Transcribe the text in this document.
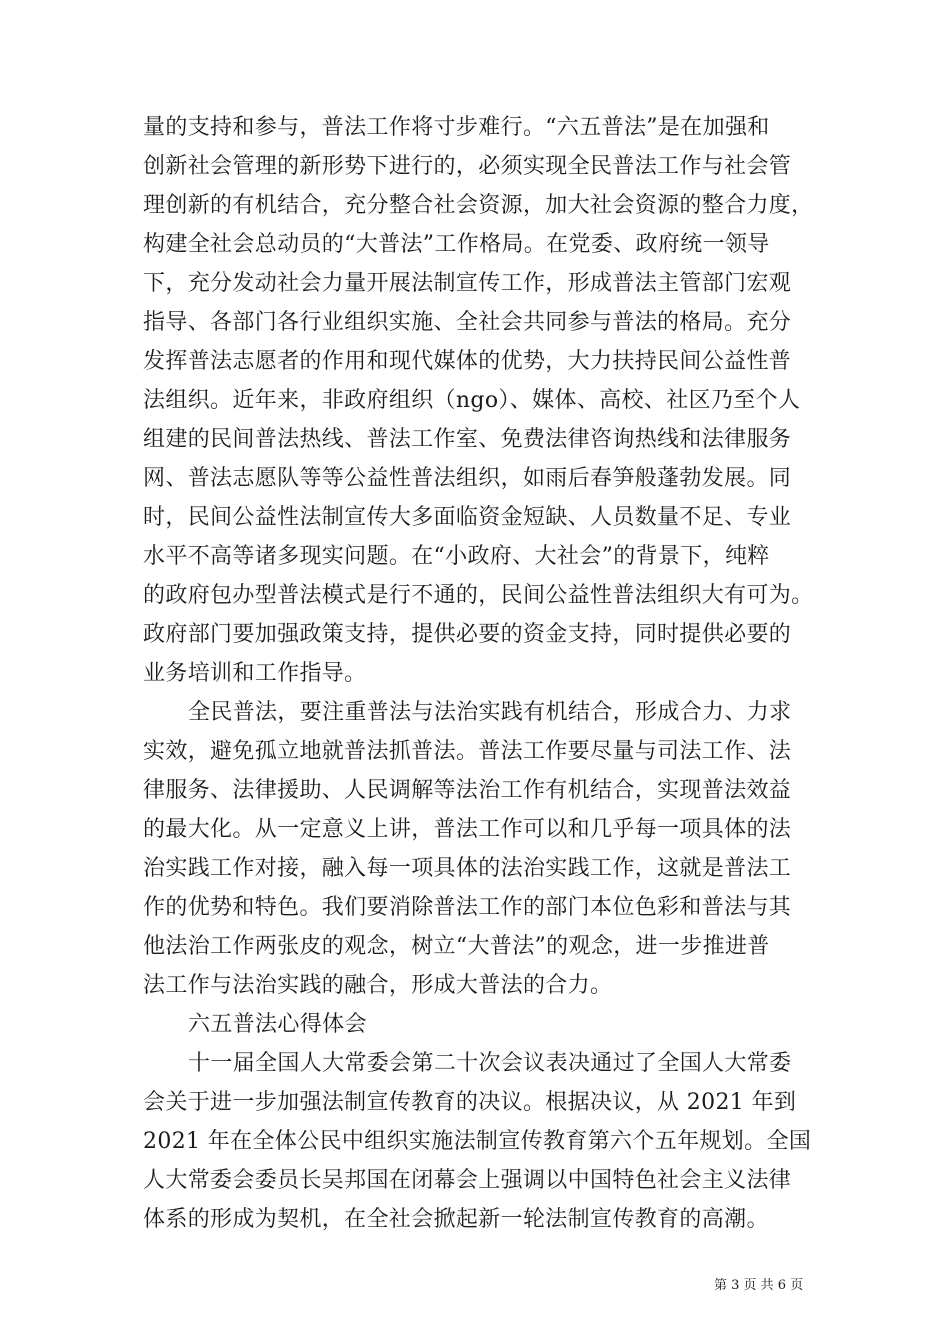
量的支持和参与，普法工作将寸步难行。“六五普法”是在加强和
创新社会管理的新形势下进行的，必须实现全民普法工作与社会管
理创新的有机结合，充分整合社会资源，加大社会资源的整合力度，
构建全社会总动员的“大普法”工作格局。在党委、政府统一领导
下，充分发动社会力量开展法制宣传工作，形成普法主管部门宏观
指导、各部门各行业组织实施、全社会共同参与普法的格局。充分
发挥普法志愿者的作用和现代媒体的优势，大力扶持民间公益性普
法组织。近年来，非政府组织（ngo）、媒体、高校、社区乃至个人
组建的民间普法热线、普法工作室、免费法律咨询热线和法律服务
网、普法志愿队等等公益性普法组织，如雨后春笋般蓬勃发展。同
时，民间公益性法制宣传大多面临资金短缺、人员数量不足、专业
水平不高等诸多现实问题。在“小政府、大社会”的背景下，纯粹
的政府包办型普法模式是行不通的，民间公益性普法组织大有可为。
政府部门要加强政策支持，提供必要的资金支持，同时提供必要的
业务培训和工作指导。
全民普法，要注重普法与法治实践有机结合，形成合力、力求
实效，避免孤立地就普法抓普法。普法工作要尽量与司法工作、法
律服务、法律援助、人民调解等法治工作有机结合，实现普法效益
的最大化。从一定意义上讲，普法工作可以和几乎每一项具体的法
治实践工作对接，融入每一项具体的法治实践工作，这就是普法工
作的优势和特色。我们要消除普法工作的部门本位色彩和普法与其
他法治工作两张皮的观念，树立“大普法”的观念，进一步推进普
法工作与法治实践的融合，形成大普法的合力。
六五普法心得体会
十一届全国人大常委会第二十次会议表决通过了全国人大常委
会关于进一步加强法制宣传教育的决议。根据决议，从 2021 年到
2021 年在全体公民中组织实施法制宣传教育第六个五年规划。全国
人大常委会委员长吴邦国在闭幕会上强调以中国特色社会主义法律
体系的形成为契机，在全社会掀起新一轮法制宣传教育的高潮。
第 3 页 共 6 页
